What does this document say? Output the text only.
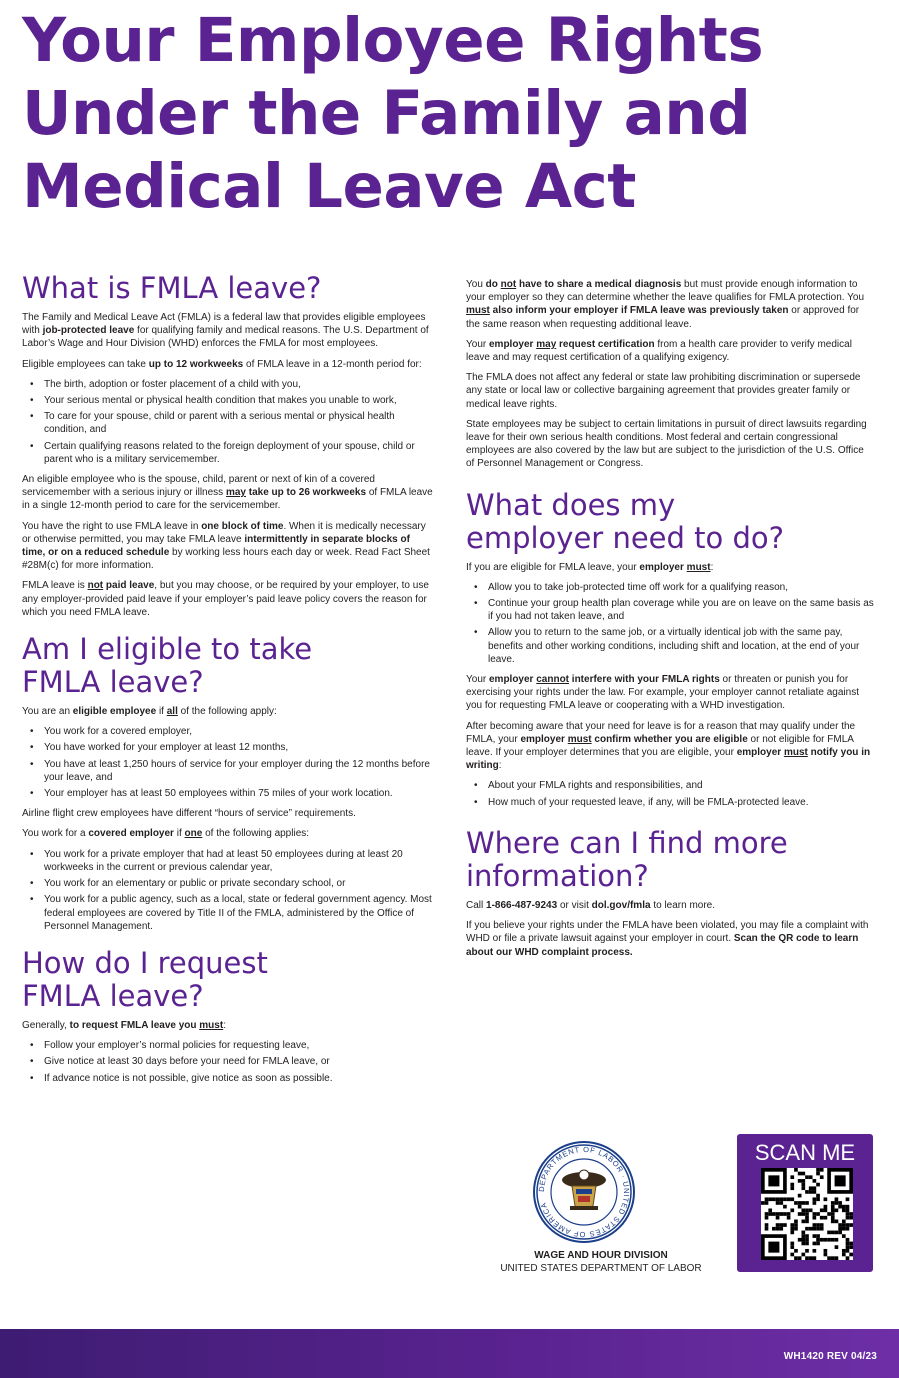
Your Employee Rights
Under the Family and
Medical Leave Act
What is FMLA leave?

The Family and Medical Leave Act (FMLA) is a federal law that provides eligible employees with job-protected leave for qualifying family and medical reasons. The U.S. Department of Labor’s Wage and Hour Division (WHD) enforces the FMLA for most employees.

Eligible employees can take up to 12 workweeks of FMLA leave in a 12-month period for:

• The birth, adoption or foster placement of a child with you,
• Your serious mental or physical health condition that makes you unable to work,
• To care for your spouse, child or parent with a serious mental or physical health condition, and
• Certain qualifying reasons related to the foreign deployment of your spouse, child or parent who is a military servicemember.

An eligible employee who is the spouse, child, parent or next of kin of a covered servicemember with a serious injury or illness may take up to 26 workweeks of FMLA leave in a single 12-month period to care for the servicemember.

You have the right to use FMLA leave in one block of time. When it is medically necessary or otherwise permitted, you may take FMLA leave intermittently in separate blocks of time, or on a reduced schedule by working less hours each day or week. Read Fact Sheet #28M(c) for more information.

FMLA leave is not paid leave, but you may choose, or be required by your employer, to use any employer-provided paid leave if your employer’s paid leave policy covers the reason for which you need FMLA leave.

Am I eligible to take
FMLA leave?

You are an eligible employee if all of the following apply:

• You work for a covered employer,
• You have worked for your employer at least 12 months,
• You have at least 1,250 hours of service for your employer during the 12 months before your leave, and
• Your employer has at least 50 employees within 75 miles of your work location.

Airline flight crew employees have different “hours of service” requirements.

You work for a covered employer if one of the following applies:

• You work for a private employer that had at least 50 employees during at least 20 workweeks in the current or previous calendar year,
• You work for an elementary or public or private secondary school, or
• You work for a public agency, such as a local, state or federal government agency. Most federal employees are covered by Title II of the FMLA, administered by the Office of Personnel Management.
How do I request
FMLA leave?

Generally, to request FMLA leave you must:

• Follow your employer’s normal policies for requesting leave,
• Give notice at least 30 days before your need for FMLA leave, or
• If advance notice is not possible, give notice as soon as possible.

You do not have to share a medical diagnosis but must provide enough information to your employer so they can determine whether the leave qualifies for FMLA protection. You must also inform your employer if FMLA leave was previously taken or approved for the same reason when requesting additional leave.

Your employer may request certification from a health care provider to verify medical leave and may request certification of a qualifying exigency.

The FMLA does not affect any federal or state law prohibiting discrimination or supersede any state or local law or collective bargaining agreement that provides greater family or medical leave rights.

State employees may be subject to certain limitations in pursuit of direct lawsuits regarding leave for their own serious health conditions. Most federal and certain congressional employees are also covered by the law but are subject to the jurisdiction of the U.S. Office of Personnel Management or Congress.

What does my
employer need to do?

If you are eligible for FMLA leave, your employer must:

• Allow you to take job-protected time off work for a qualifying reason,
• Continue your group health plan coverage while you are on leave on the same basis as if you had not taken leave, and
• Allow you to return to the same job, or a virtually identical job with the same pay, benefits and other working conditions, including shift and location, at the end of your leave.

Your employer cannot interfere with your FMLA rights or threaten or punish you for exercising your rights under the law. For example, your employer cannot retaliate against you for requesting FMLA leave or cooperating with a WHD investigation.

After becoming aware that your need for leave is for a reason that may qualify under the FMLA, your employer must confirm whether you are eligible or not eligible for FMLA leave. If your employer determines that you are eligible, your employer must notify you in writing:

• About your FMLA rights and responsibilities, and
• How much of your requested leave, if any, will be FMLA-protected leave.
Where can I find more
information?

Call 1-866-487-9243 or visit dol.gov/fmla to learn more.

If you believe your rights under the FMLA have been violated, you may file a complaint with WHD or file a private lawsuit against your employer in court. Scan the QR code to learn about our WHD complaint process.

DEPARTMENT OF LABOR · UNITED STATES OF AMERICA
WAGE AND HOUR DIVISION
UNITED STATES DEPARTMENT OF LABOR
SCAN ME
WH1420 REV 04/23
